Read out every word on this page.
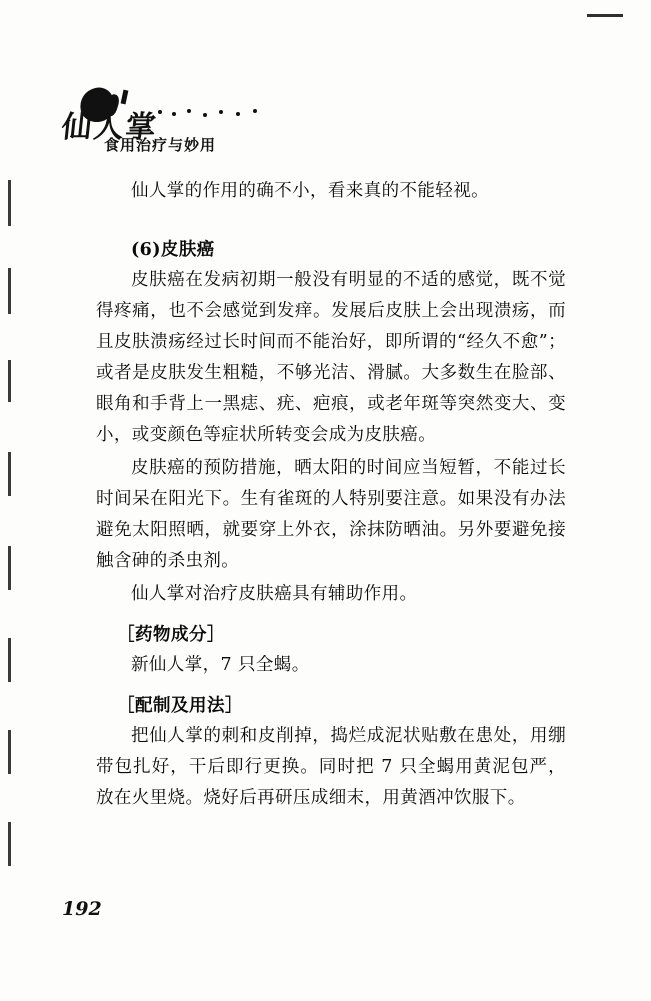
仙人掌
食用治疗与妙用

仙人掌的作用的确不小，看来真的不能轻视。

(6)皮肤癌

皮肤癌在发病初期一般没有明显的不适的感觉，既不觉得疼痛，也不会感觉到发痒。发展后皮肤上会出现溃疡，而且皮肤溃疡经过长时间而不能治好，即所谓的“经久不愈”；或者是皮肤发生粗糙，不够光洁、滑腻。大多数生在脸部、眼角和手背上一黑痣、疣、疤痕，或老年斑等突然变大、变小，或变颜色等症状所转变会成为皮肤癌。

皮肤癌的预防措施，晒太阳的时间应当短暂，不能过长时间呆在阳光下。生有雀斑的人特别要注意。如果没有办法避免太阳照晒，就要穿上外衣，涂抹防晒油。另外要避免接触含砷的杀虫剂。

仙人掌对治疗皮肤癌具有辅助作用。

［药物成分］

新仙人掌，7 只全蝎。

［配制及用法］

把仙人掌的刺和皮削掉，捣烂成泥状贴敷在患处，用绷带包扎好，干后即行更换。同时把 7 只全蝎用黄泥包严，放在火里烧。烧好后再研压成细末，用黄酒冲饮服下。

192
